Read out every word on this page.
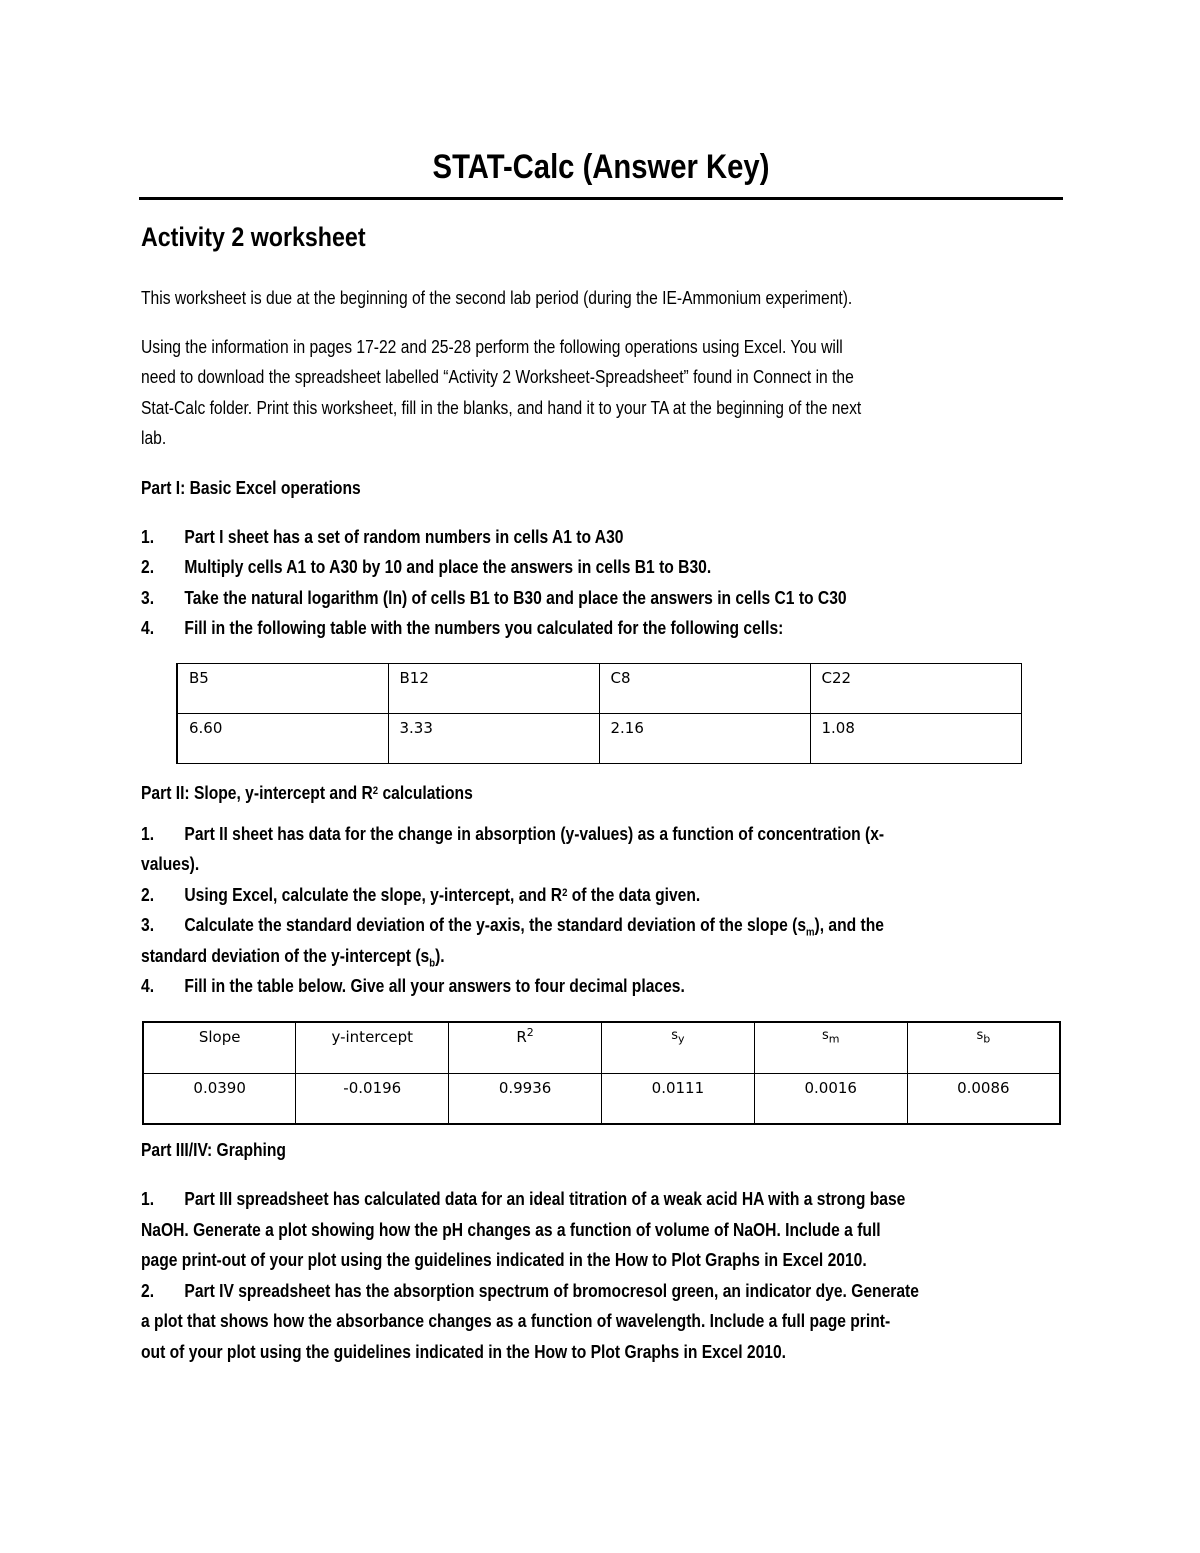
STAT-Calc (Answer Key)
Activity 2 worksheet
This worksheet is due at the beginning of the second lab period (during the IE-Ammonium experiment).
Using the information in pages 17-22 and 25-28 perform the following operations using Excel. You will
need to download the spreadsheet labelled “Activity 2 Worksheet-Spreadsheet” found in Connect in the
Stat-Calc folder. Print this worksheet, fill in the blanks, and hand it to your TA at the beginning of the next
lab.
Part I: Basic Excel operations
1. Part I sheet has a set of random numbers in cells A1 to A30
2. Multiply cells A1 to A30 by 10 and place the answers in cells B1 to B30.
3. Take the natural logarithm (ln) of cells B1 to B30 and place the answers in cells C1 to C30
4. Fill in the following table with the numbers you calculated for the following cells:
B5	B12	C8	C22
6.60	3.33	2.16	1.08
Part II: Slope, y-intercept and $R^2$ calculations
1. Part II sheet has data for the change in absorption (y-values) as a function of concentration (x-
values).
2. Using Excel, calculate the slope, y-intercept, and $R^2$ of the data given.
3. Calculate the standard deviation of the y-axis, the standard deviation of the slope $(s_m)$, and the
standard deviation of the y-intercept $(s_b)$.
4. Fill in the table below. Give all your answers to four decimal places.
Slope	y-intercept	$R^2$	$s_y$	$s_m$	$s_b$
0.0390	-0.0196	0.9936	0.0111	0.0016	0.0086
Part III/IV: Graphing
1. Part III spreadsheet has calculated data for an ideal titration of a weak acid HA with a strong base
NaOH. Generate a plot showing how the pH changes as a function of volume of NaOH. Include a full
page print-out of your plot using the guidelines indicated in the How to Plot Graphs in Excel 2010.
2. Part IV spreadsheet has the absorption spectrum of bromocresol green, an indicator dye. Generate
a plot that shows how the absorbance changes as a function of wavelength. Include a full page print-
out of your plot using the guidelines indicated in the How to Plot Graphs in Excel 2010.
